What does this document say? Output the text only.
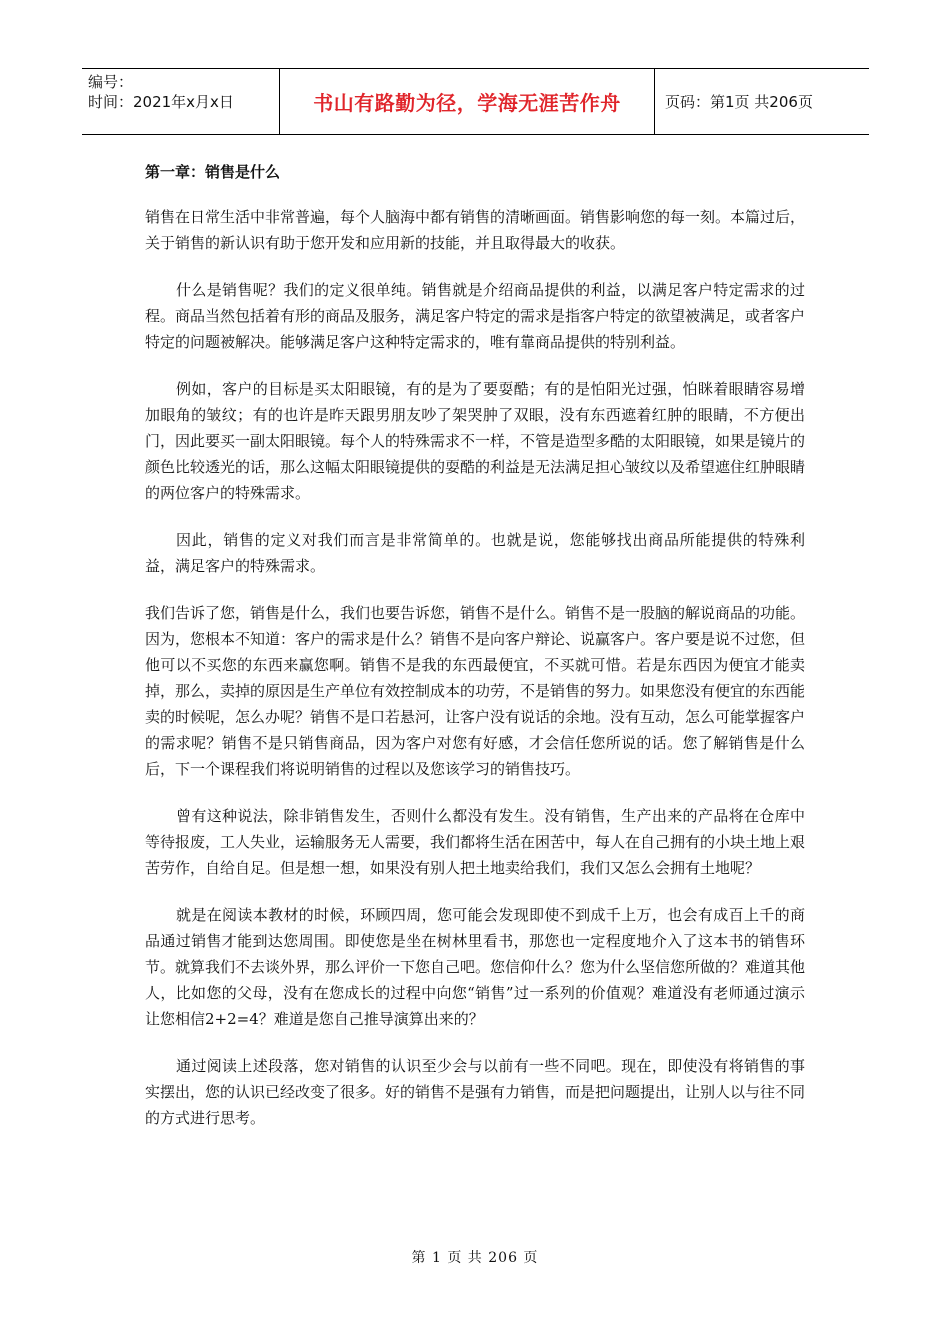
编号：
时间：2021年x月x日	书山有路勤为径，学海无涯苦作舟	页码：第1页 共206页
第一章：销售是什么

销售在日常生活中非常普遍，每个人脑海中都有销售的清晰画面。销售影响您的每一刻。本篇过后，关于销售的新认识有助于您开发和应用新的技能，并且取得最大的收获。

什么是销售呢？我们的定义很单纯。销售就是介绍商品提供的利益，以满足客户特定需求的过程。商品当然包括着有形的商品及服务，满足客户特定的需求是指客户特定的欲望被满足，或者客户特定的问题被解决。能够满足客户这种特定需求的，唯有靠商品提供的特别利益。

例如，客户的目标是买太阳眼镜，有的是为了要耍酷；有的是怕阳光过强，怕眯着眼睛容易增加眼角的皱纹；有的也许是昨天跟男朋友吵了架哭肿了双眼，没有东西遮着红肿的眼睛，不方便出门，因此要买一副太阳眼镜。每个人的特殊需求不一样，不管是造型多酷的太阳眼镜，如果是镜片的颜色比较透光的话，那么这幅太阳眼镜提供的耍酷的利益是无法满足担心皱纹以及希望遮住红肿眼睛的两位客户的特殊需求。

因此，销售的定义对我们而言是非常简单的。也就是说，您能够找出商品所能提供的特殊利益，满足客户的特殊需求。

我们告诉了您，销售是什么，我们也要告诉您，销售不是什么。销售不是一股脑的解说商品的功能。因为，您根本不知道：客户的需求是什么？销售不是向客户辩论、说赢客户。客户要是说不过您，但他可以不买您的东西来赢您啊。销售不是我的东西最便宜，不买就可惜。若是东西因为便宜才能卖掉，那么，卖掉的原因是生产单位有效控制成本的功劳，不是销售的努力。如果您没有便宜的东西能卖的时候呢，怎么办呢？销售不是口若悬河，让客户没有说话的余地。没有互动，怎么可能掌握客户的需求呢？销售不是只销售商品，因为客户对您有好感，才会信任您所说的话。您了解销售是什么后，下一个课程我们将说明销售的过程以及您该学习的销售技巧。

曾有这种说法，除非销售发生，否则什么都没有发生。没有销售，生产出来的产品将在仓库中等待报废，工人失业，运输服务无人需要，我们都将生活在困苦中，每人在自己拥有的小块土地上艰苦劳作，自给自足。但是想一想，如果没有别人把土地卖给我们，我们又怎么会拥有土地呢？

就是在阅读本教材的时候，环顾四周，您可能会发现即使不到成千上万，也会有成百上千的商品通过销售才能到达您周围。即使您是坐在树林里看书，那您也一定程度地介入了这本书的销售环节。就算我们不去谈外界，那么评价一下您自己吧。您信仰什么？您为什么坚信您所做的？难道其他人，比如您的父母，没有在您成长的过程中向您“销售”过一系列的价值观？难道没有老师通过演示让您相信2+2=4？难道是您自己推导演算出来的？

通过阅读上述段落，您对销售的认识至少会与以前有一些不同吧。现在，即使没有将销售的事实摆出，您的认识已经改变了很多。好的销售不是强有力销售，而是把问题提出，让别人以与往不同的方式进行思考。

第 1 页 共 206 页
